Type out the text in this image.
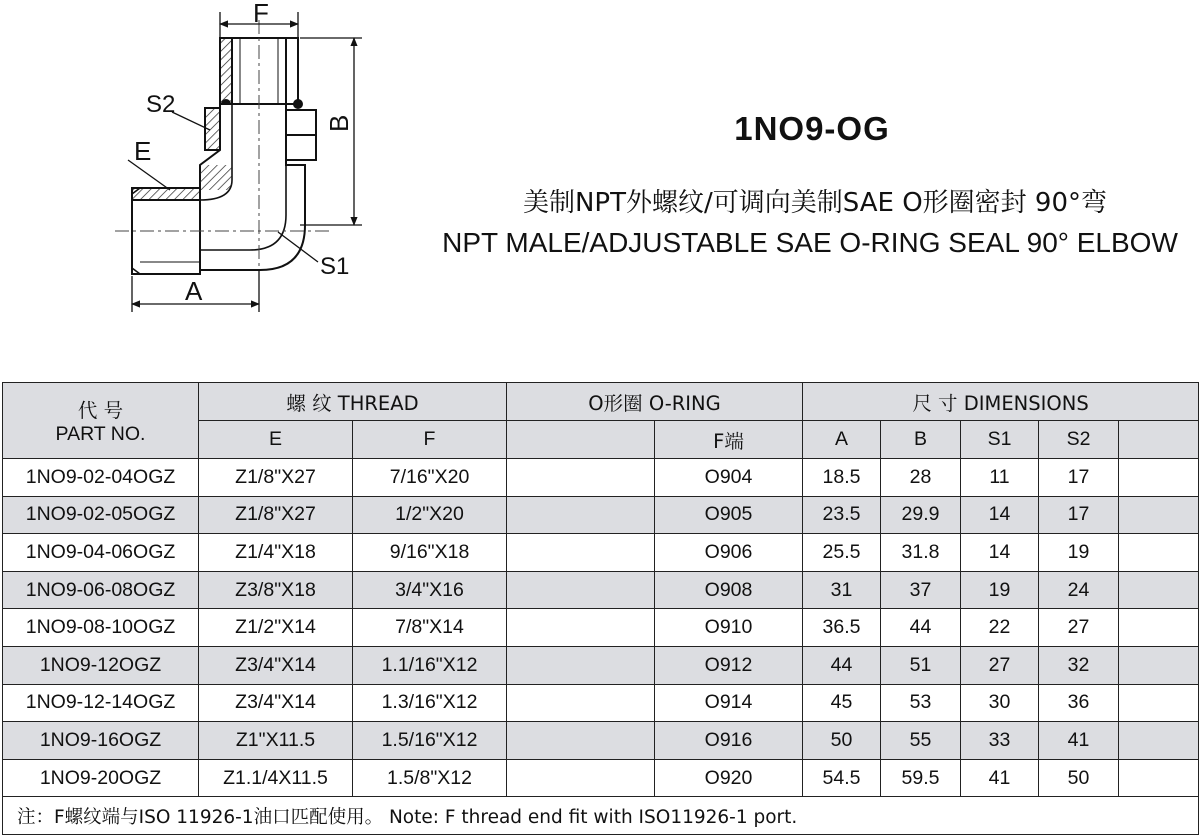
F
B
S2
E
A
S1
1NO9-OG
美制NPT外螺纹/可调向美制SAE O形圈密封 90°弯
NPT MALE/ADJUSTABLE SAE O-RING SEAL 90° ELBOW
代 号
PART NO.	螺 纹 THREAD		O形圈 O-RING		尺 寸 DIMENSIONS				
	E	F		F端	A	B	S1	S2	
1NO9-02-04OGZ	Z1/8"X27	7/16"X20		O904	18.5	28	11	17	
1NO9-02-05OGZ	Z1/8"X27	1/2"X20		O905	23.5	29.9	14	17	
1NO9-04-06OGZ	Z1/4"X18	9/16"X18		O906	25.5	31.8	14	19	
1NO9-06-08OGZ	Z3/8"X18	3/4"X16		O908	31	37	19	24	
1NO9-08-10OGZ	Z1/2"X14	7/8"X14		O910	36.5	44	22	27	
1NO9-12OGZ	Z3/4"X14	1.1/16"X12		O912	44	51	27	32	
1NO9-12-14OGZ	Z3/4"X14	1.3/16"X12		O914	45	53	30	36	
1NO9-16OGZ	Z1"X11.5	1.5/16"X12		O916	50	55	33	41	
1NO9-20OGZ	Z1.1/4X11.5	1.5/8"X12		O920	54.5	59.5	41	50	
注：F螺纹端与ISO 11926-1油口匹配使用。 Note: F thread end fit with ISO11926-1 port.									
